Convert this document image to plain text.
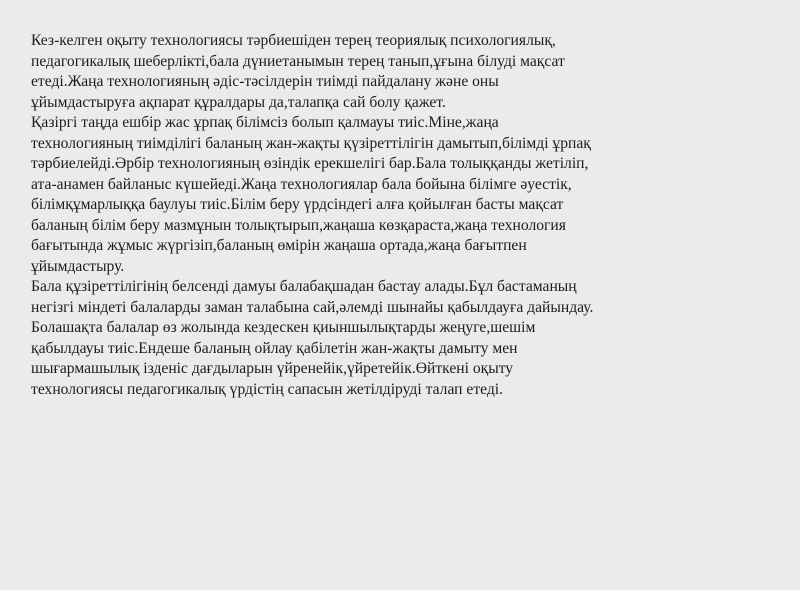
Кез-келген оқыту технологиясы тәрбиешіден терең теориялық психологиялық,
педагогикалық шеберлікті,бала дүниетанымын терең танып,ұғына білуді мақсат
етеді.Жаңа технологияның әдіс-тәсілдерін тиімді пайдалану және оны
ұйымдастыруға ақпарат құралдары да,талапқа сай болу қажет.
Қазіргі таңда ешбір жас ұрпақ білімсіз болып қалмауы тиіс.Міне,жаңа
технологияның тиімділігі баланың жан-жақты қүзіреттілігін дамытып,білімді ұрпақ
тәрбиелейді.Әрбір технологияның өзіндік ерекшелігі бар.Бала толыққанды жетіліп,
ата-анамен байланыс күшейеді.Жаңа технологиялар бала бойына білімге әуестік,
білімқұмарлыққа баулуы тиіс.Білім беру үрдсіндегі алға қойылған басты мақсат
баланың білім беру мазмұнын толықтырып,жаңаша көзқараста,жаңа технология
бағытында жұмыс жүргізіп,баланың өмірін жаңаша ортада,жаңа бағытпен
ұйымдастыру.
Бала құзіреттілігінің белсенді дамуы балабақшадан бастау алады.Бұл бастаманың
негізгі міндеті балаларды заман талабына сай,әлемді шынайы қабылдауға дайындау.
Болашақта балалар өз жолында кездескен қиыншылықтарды жеңуге,шешім
қабылдауы тиіс.Ендеше баланың ойлау қабілетін жан-жақты дамыту мен
шығармашылық ізденіс дағдыларын үйренейік,үйретейік.Өйткені оқыту
технологиясы педагогикалық үрдістің сапасын жетілдіруді талап етеді.
